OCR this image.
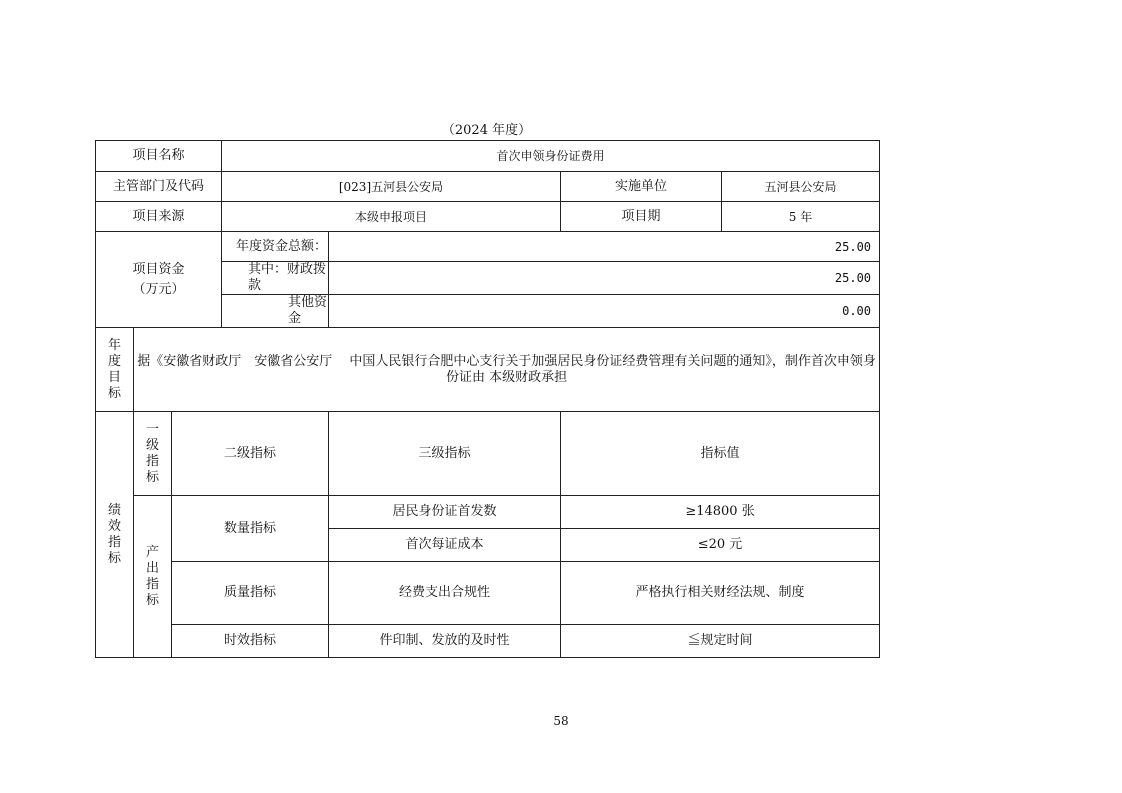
（2024 年度）
项目名称			首次申领身份证费用			
主管部门及代码			[023]五河县公安局		实施单位	五河县公安局
项目来源			本级申报项目		项目期	5 年

项目资金
（万元）			年度资金总额：	25.00		
			其中：财政拨款	25.00		
			其他资金	0.00		

年
度
目
标	据《安徽省财政厅　安徽省公安厅　 中国人民银行合肥中心支行关于加强居民身份证经费管理有关问题的通知》，制作首次申领身份证由 本级财政承担					

绩
效
指
标	一
级
指
标	二级指标		三级指标	指标值	

	产
出
指
标	数量指标		居民身份证首发数	≥14800 张	
				首次每证成本	≤20 元	
		质量指标		经费支出合规性	严格执行相关财经法规、制度	
		时效指标		件印制、发放的及时性	≦规定时间	
58
